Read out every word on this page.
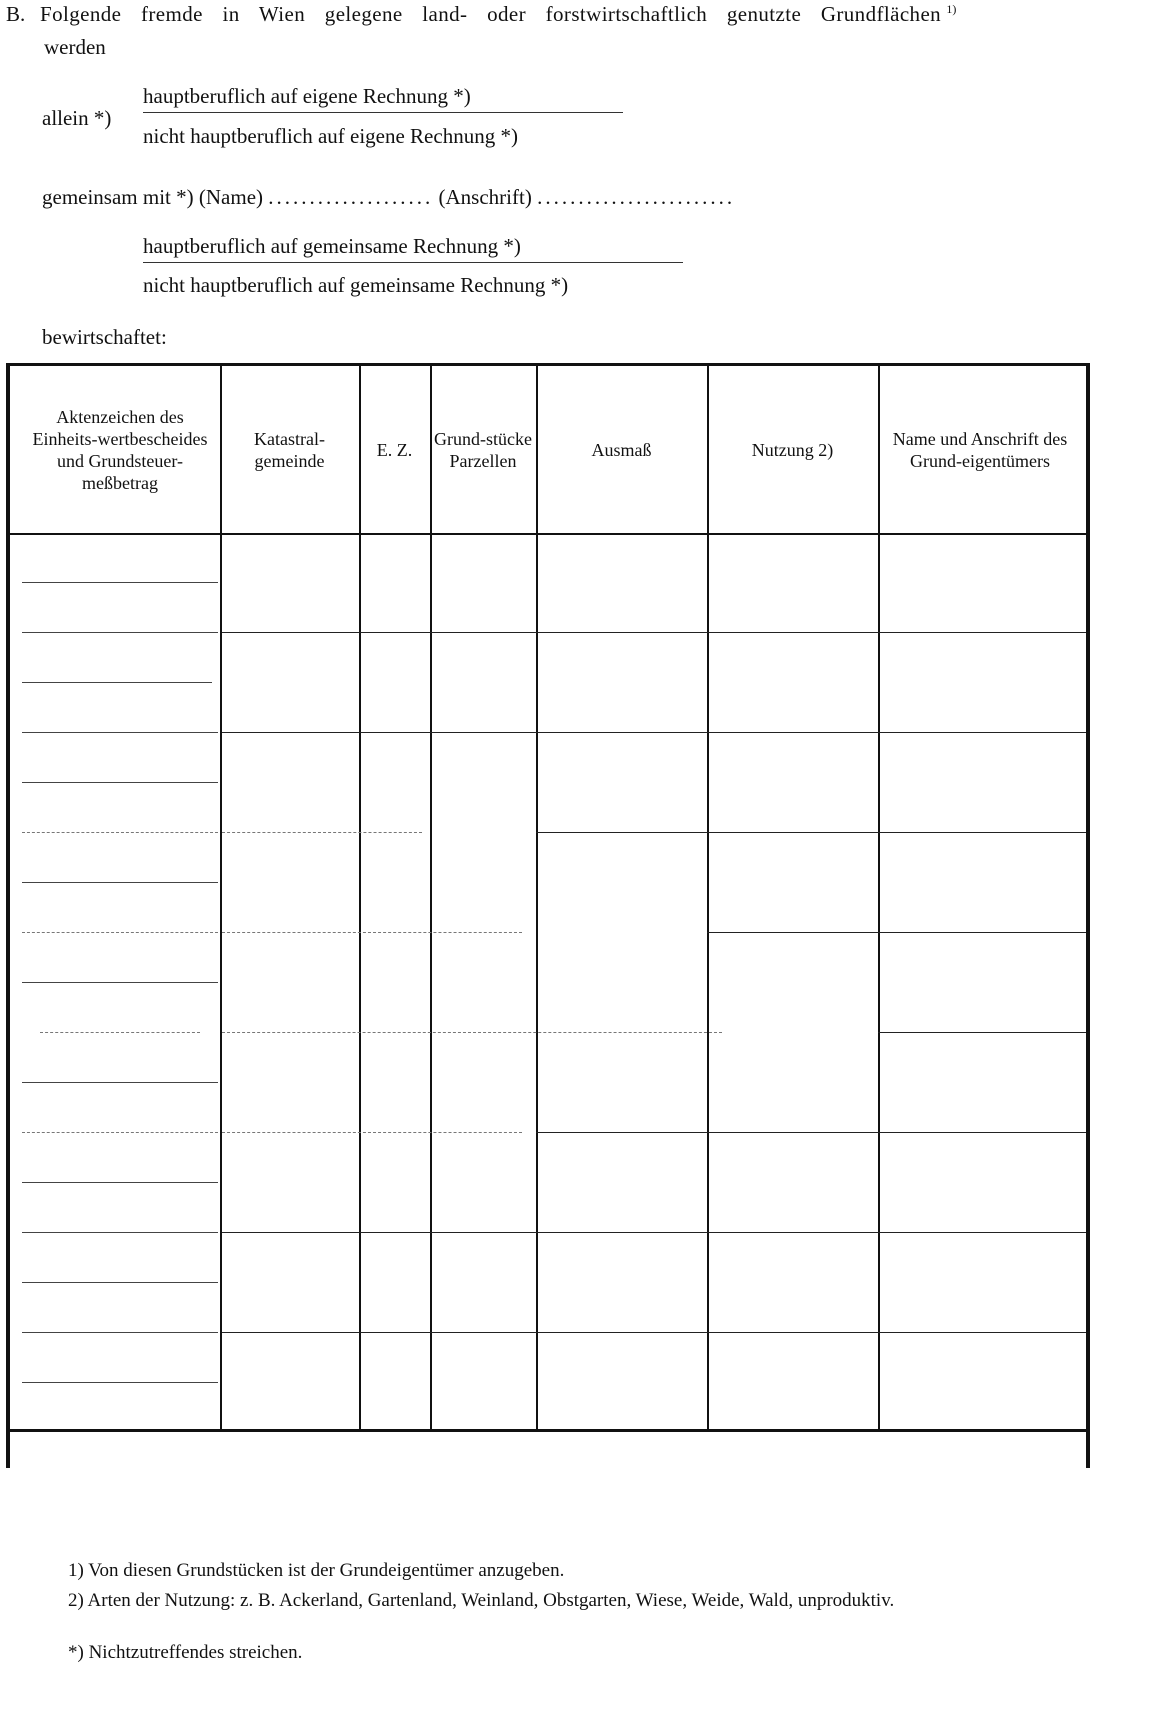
B. Folgende fremde in Wien gelegene land- oder forstwirtschaftlich genutzte Grundflächen $^{1)}$
werden
allein *)
hauptberuflich auf eigene Rechnung *)
nicht hauptberuflich auf eigene Rechnung *)
gemeinsam mit *) (Name) .................... (Anschrift) ........................
hauptberuflich auf gemeinsame Rechnung *)
nicht hauptberuflich auf gemeinsame Rechnung *)
bewirtschaftet:
Aktenzeichen des Einheits-wertbescheides und Grundsteuer-meßbetrag
Katastral-gemeinde
E. Z.
Grund-stücke Parzellen
Ausmaß	Nutzung 2)
Name und Anschrift des Grund-eigentümers
1) Von diesen Grundstücken ist der Grundeigentümer anzugeben.
2) Arten der Nutzung: z. B. Ackerland, Gartenland, Weinland, Obstgarten, Wiese, Weide, Wald, unproduktiv.
*) Nichtzutreffendes streichen.
